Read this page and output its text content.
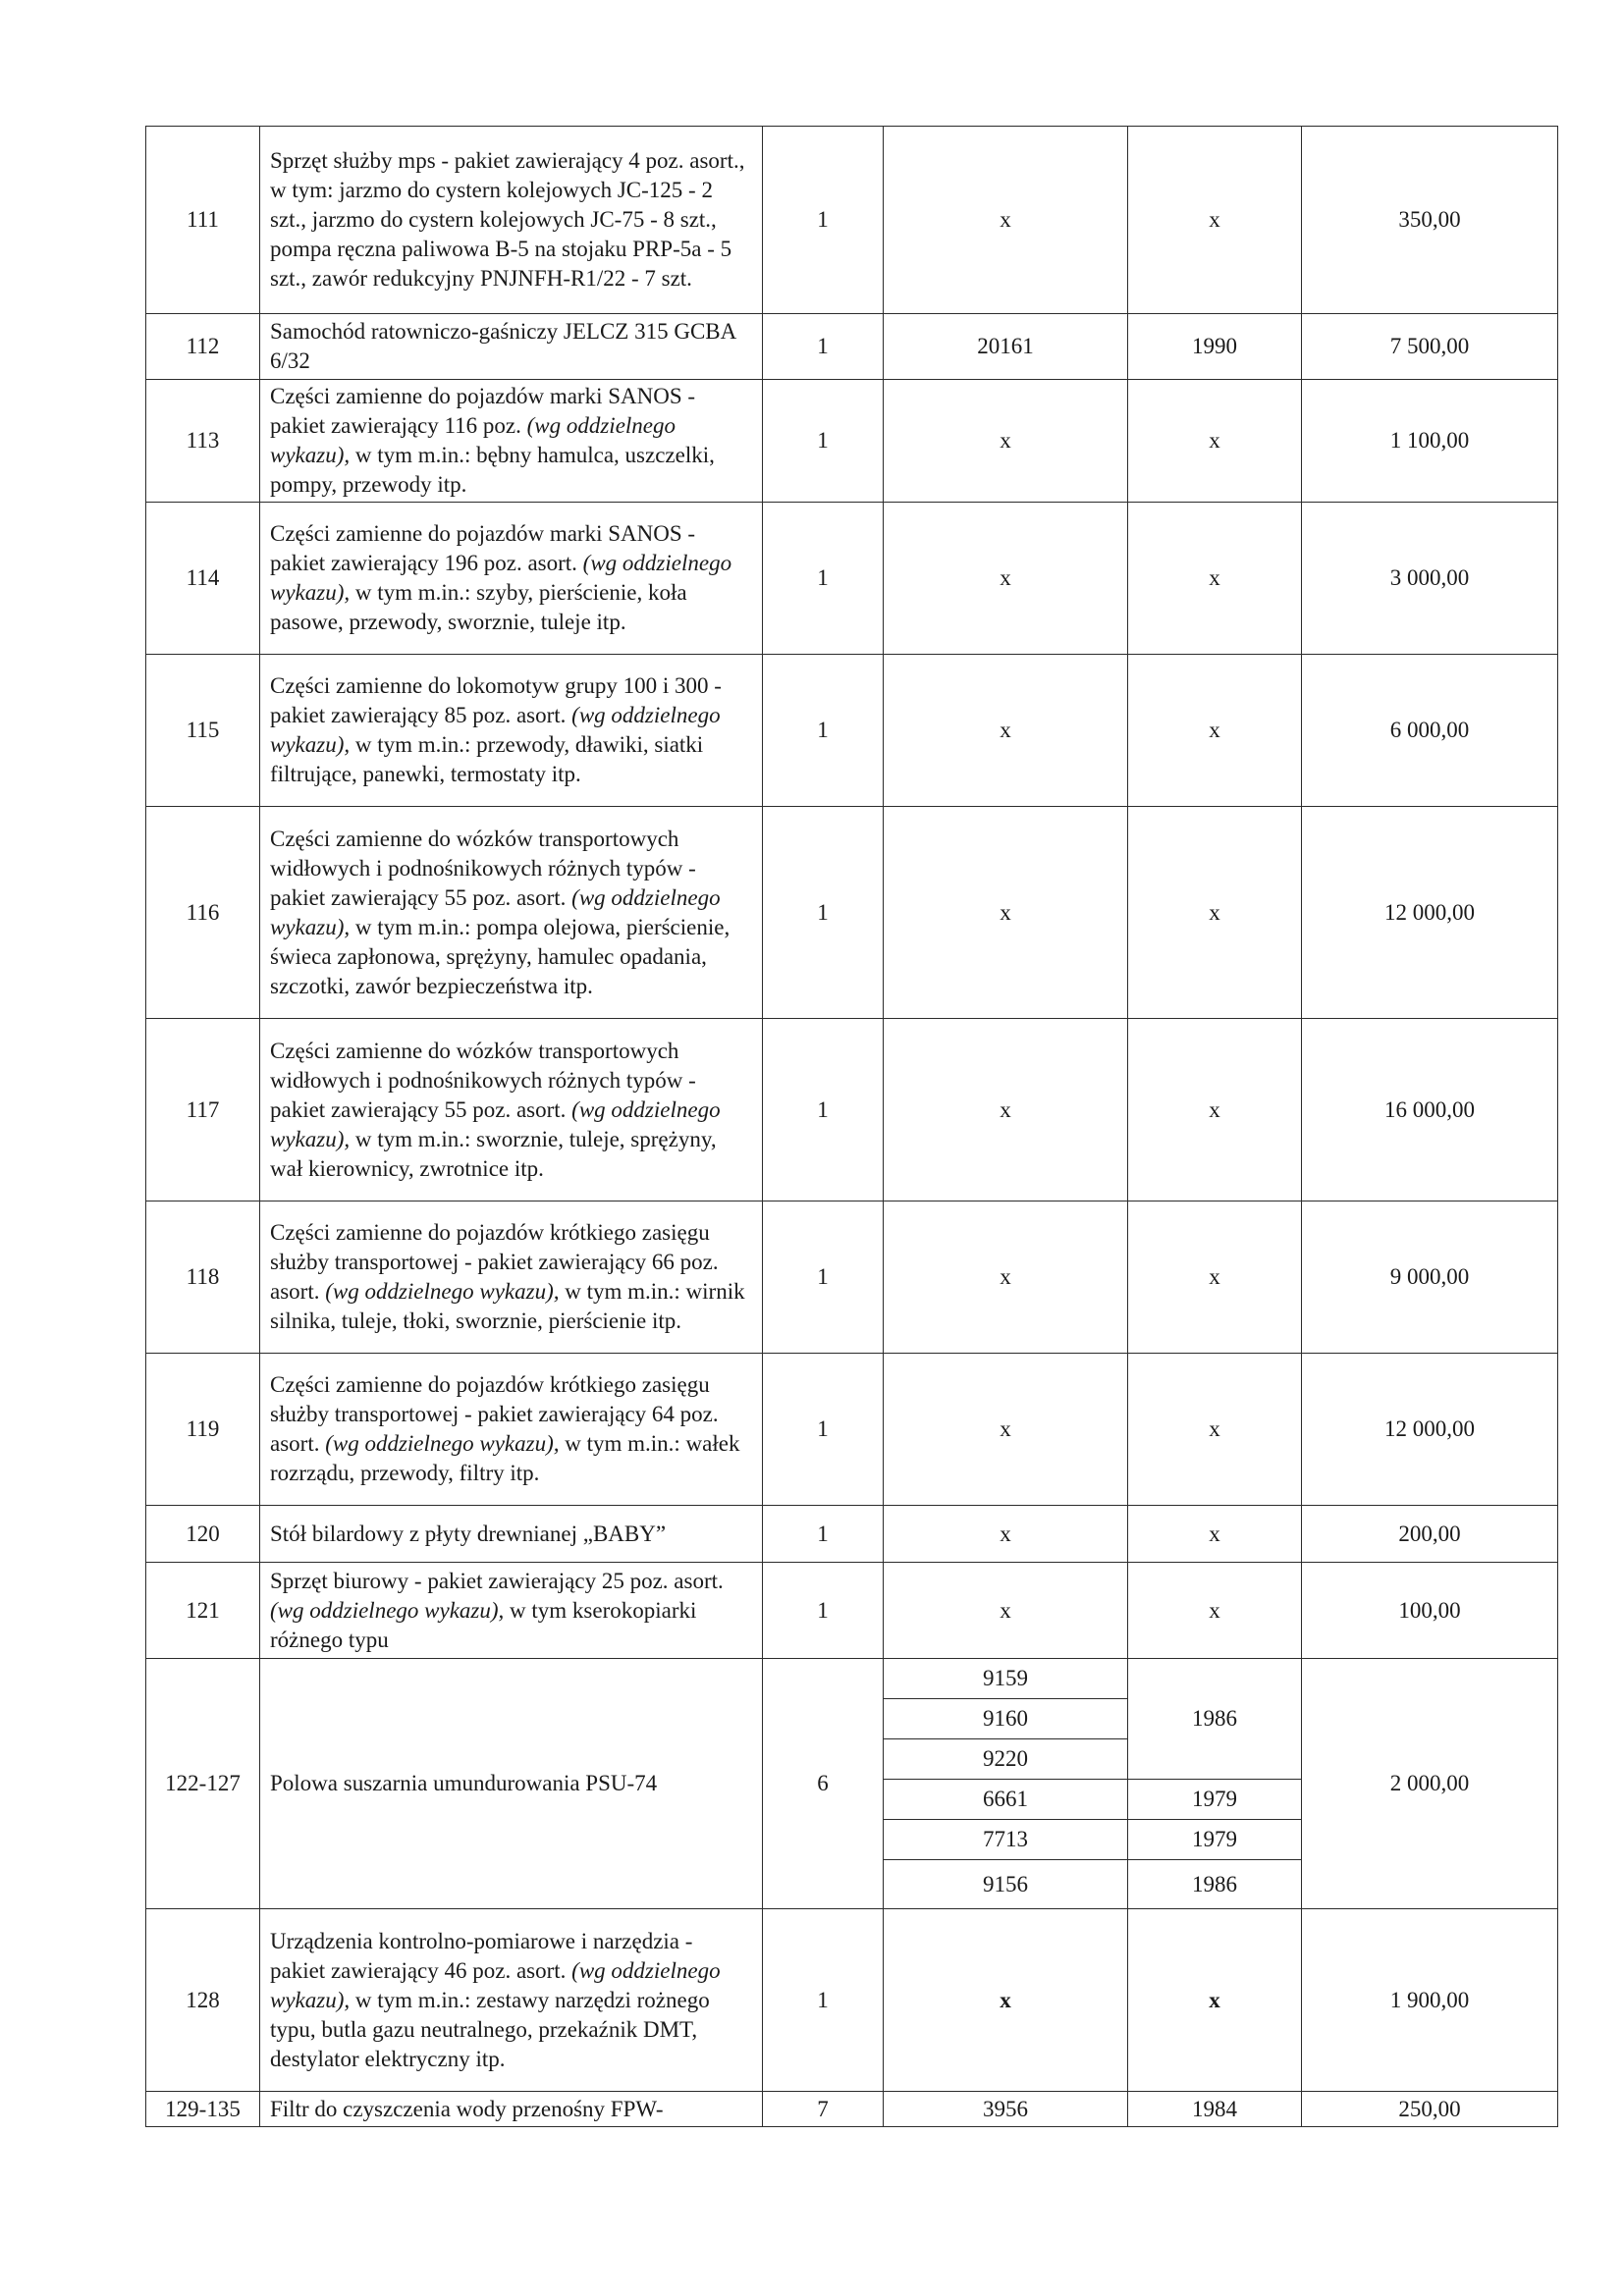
111	Sprzęt służby mps - pakiet zawierający 4 poz. asort., w tym: jarzmo do cystern kolejowych JC-125 - 2 szt., jarzmo do cystern kolejowych JC-75 - 8 szt., pompa ręczna paliwowa B-5 na stojaku PRP-5a - 5 szt., zawór redukcyjny PNJNFH-R1/22 - 7 szt.	1	x	x	350,00
112	Samochód ratowniczo-gaśniczy JELCZ 315 GCBA 6/32	1	20161	1990	7 500,00
113	Części zamienne do pojazdów marki SANOS - pakiet zawierający 116 poz. (wg oddzielnego wykazu), w tym m.in.: bębny hamulca, uszczelki, pompy, przewody itp.	1	x	x	1 100,00
114	Części zamienne do pojazdów marki SANOS - pakiet zawierający 196 poz. asort. (wg oddzielnego wykazu), w tym m.in.: szyby, pierścienie, koła pasowe, przewody, sworznie, tuleje itp.	1	x	x	3 000,00
115	Części zamienne do lokomotyw grupy 100 i 300 - pakiet zawierający 85 poz. asort. (wg oddzielnego wykazu), w tym m.in.: przewody, dławiki, siatki filtrujące, panewki, termostaty itp.	1	x	x	6 000,00
116	Części zamienne do wózków transportowych widłowych i podnośnikowych różnych typów - pakiet zawierający 55 poz. asort. (wg oddzielnego wykazu), w tym m.in.: pompa olejowa, pierścienie, świeca zapłonowa, sprężyny, hamulec opadania, szczotki, zawór bezpieczeństwa itp.	1	x	x	12 000,00
117	Części zamienne do wózków transportowych widłowych i podnośnikowych różnych typów - pakiet zawierający 55 poz. asort. (wg oddzielnego wykazu), w tym m.in.: sworznie, tuleje, sprężyny, wał kierownicy, zwrotnice itp.	1	x	x	16 000,00
118	Części zamienne do pojazdów krótkiego zasięgu służby transportowej - pakiet zawierający 66 poz. asort. (wg oddzielnego wykazu), w tym m.in.: wirnik silnika, tuleje, tłoki, sworznie, pierścienie itp.	1	x	x	9 000,00
119	Części zamienne do pojazdów krótkiego zasięgu służby transportowej - pakiet zawierający 64 poz. asort. (wg oddzielnego wykazu), w tym m.in.: wałek rozrządu, przewody, filtry itp.	1	x	x	12 000,00
120	Stół bilardowy z płyty drewnianej „BABY”	1	x	x	200,00
121	Sprzęt biurowy - pakiet zawierający 25 poz. asort. (wg oddzielnego wykazu), w tym kserokopiarki różnego typu	1	x	x	100,00
122-127	Polowa suszarnia umundurowania PSU-74	6	9159	1986	2 000,00
			9160		
			9220		
			6661	1979	
			7713	1979	
			9156	1986	
128	Urządzenia kontrolno-pomiarowe i narzędzia - pakiet zawierający 46 poz. asort. (wg oddzielnego wykazu), w tym m.in.: zestawy narzędzi rożnego typu, butla gazu neutralnego, przekaźnik DMT, destylator elektryczny itp.	1	x	x	1 900,00
129-135	Filtr do czyszczenia wody przenośny FPW-	7	3956	1984	250,00
